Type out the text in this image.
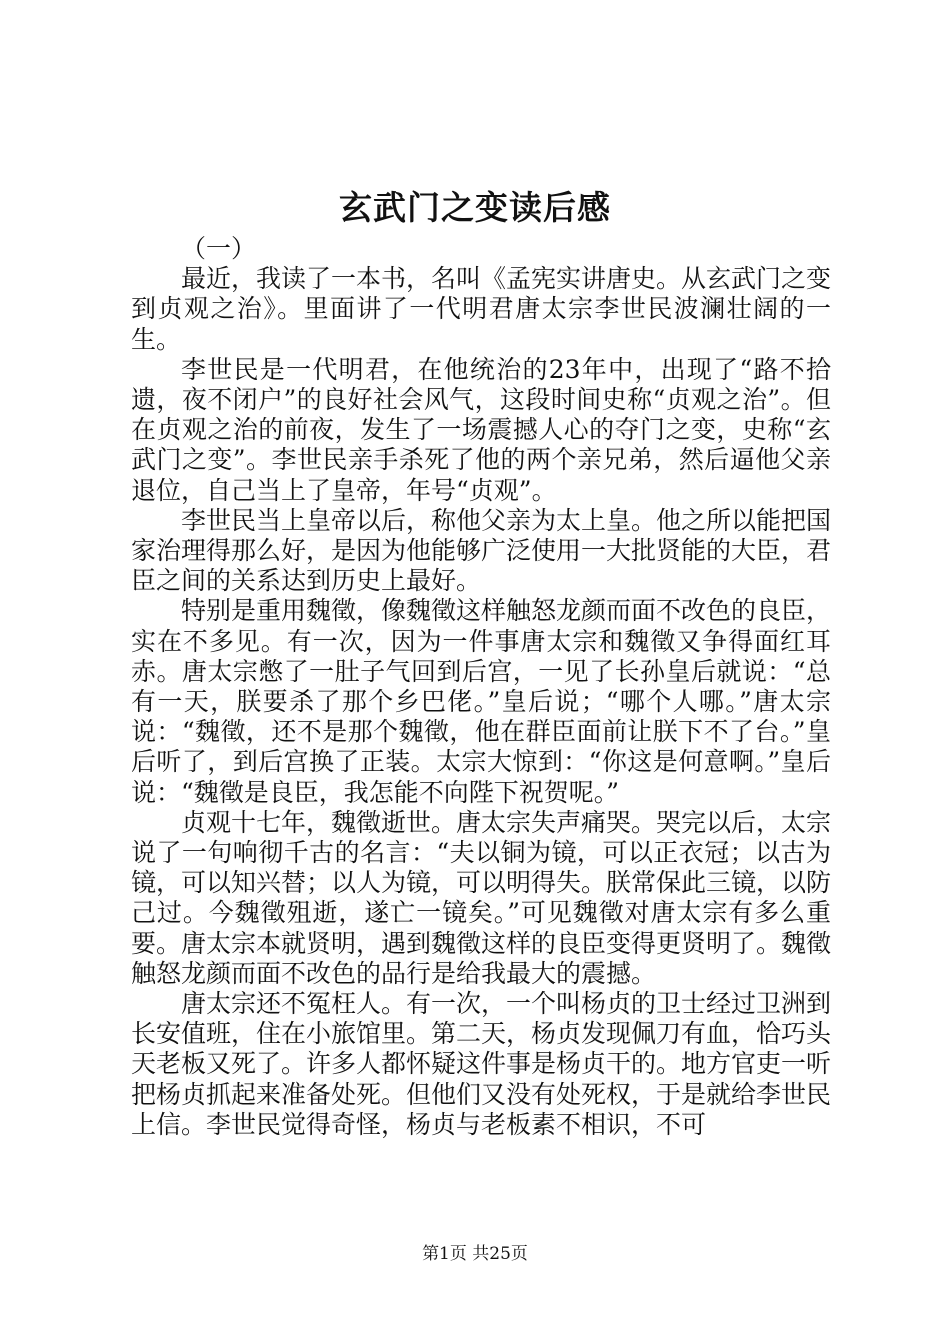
玄武门之变读后感

（一）

最近，我读了一本书，名叫《孟宪实讲唐史。从玄武门之变到贞观之治》。里面讲了一代明君唐太宗李世民波澜壮阔的一生。

李世民是一代明君，在他统治的23年中，出现了“路不拾遗，夜不闭户”的良好社会风气，这段时间史称“贞观之治”。但在贞观之治的前夜，发生了一场震撼人心的夺门之变，史称“玄武门之变”。李世民亲手杀死了他的两个亲兄弟，然后逼他父亲退位，自己当上了皇帝，年号“贞观”。

李世民当上皇帝以后，称他父亲为太上皇。他之所以能把国家治理得那么好，是因为他能够广泛使用一大批贤能的大臣，君臣之间的关系达到历史上最好。

特别是重用魏徵，像魏徵这样触怒龙颜而面不改色的良臣，实在不多见。有一次，因为一件事唐太宗和魏徵又争得面红耳赤。唐太宗憋了一肚子气回到后宫，一见了长孙皇后就说：“总有一天，朕要杀了那个乡巴佬。”皇后说；“哪个人哪。”唐太宗说：“魏徵，还不是那个魏徵，他在群臣面前让朕下不了台。”皇后听了，到后宫换了正装。太宗大惊到：“你这是何意啊。”皇后说：“魏徵是良臣，我怎能不向陛下祝贺呢。”

贞观十七年，魏徵逝世。唐太宗失声痛哭。哭完以后，太宗说了一句响彻千古的名言：“夫以铜为镜，可以正衣冠；以古为镜，可以知兴替；以人为镜，可以明得失。朕常保此三镜，以防己过。今魏徵殂逝，遂亡一镜矣。”可见魏徵对唐太宗有多么重要。唐太宗本就贤明，遇到魏徵这样的良臣变得更贤明了。魏徵触怒龙颜而面不改色的品行是给我最大的震撼。

唐太宗还不冤枉人。有一次，一个叫杨贞的卫士经过卫洲到长安值班，住在小旅馆里。第二天，杨贞发现佩刀有血，恰巧头天老板又死了。许多人都怀疑这件事是杨贞干的。地方官吏一听把杨贞抓起来准备处死。但他们又没有处死权，于是就给李世民上信。李世民觉得奇怪，杨贞与老板素不相识，不可

第1页 共25页
